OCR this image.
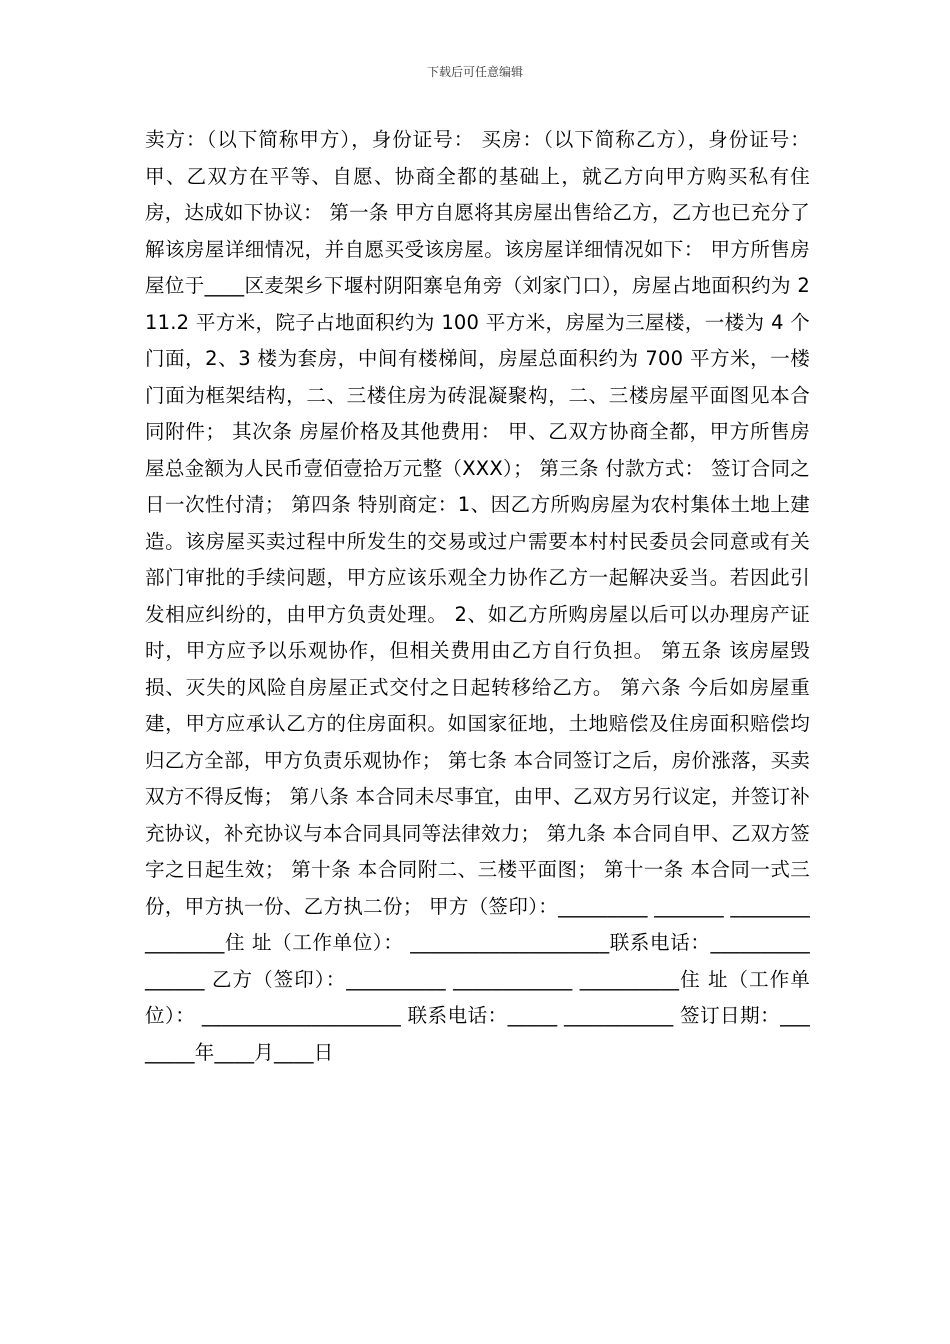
下载后可任意编辑
卖方：（以下简称甲方），身份证号： 买房：（以下简称乙方），身份证号： 甲、乙双方在平等、自愿、协商全都的基础上，就乙方向甲方购买私有住房，达成如下协议： 第一条 甲方自愿将其房屋出售给乙方，乙方也已充分了解该房屋详细情况，并自愿买受该房屋。该房屋详细情况如下： 甲方所售房屋位于____区麦架乡下堰村阴阳寨皂角旁（刘家门口），房屋占地面积约为 211.2 平方米，院子占地面积约为 100 平方米，房屋为三屋楼，一楼为 4 个门面，2、3 楼为套房，中间有楼梯间，房屋总面积约为 700 平方米，一楼门面为框架结构，二、三楼住房为砖混凝聚构，二、三楼房屋平面图见本合同附件； 其次条 房屋价格及其他费用： 甲、乙双方协商全都，甲方所售房屋总金额为人民币壹佰壹拾万元整（XXX）； 第三条 付款方式： 签订合同之日一次性付清； 第四条 特别商定：1、因乙方所购房屋为农村集体土地上建造。该房屋买卖过程中所发生的交易或过户需要本村村民委员会同意或有关部门审批的手续问题，甲方应该乐观全力协作乙方一起解决妥当。若因此引发相应纠纷的，由甲方负责处理。 2、如乙方所购房屋以后可以办理房产证时，甲方应予以乐观协作，但相关费用由乙方自行负担。 第五条 该房屋毁损、灭失的风险自房屋正式交付之日起转移给乙方。 第六条 今后如房屋重建，甲方应承认乙方的住房面积。如国家征地，土地赔偿及住房面积赔偿均归乙方全部，甲方负责乐观协作； 第七条 本合同签订之后，房价涨落，买卖双方不得反悔； 第八条 本合同未尽事宜，由甲、乙双方另行议定，并签订补充协议，补充协议与本合同具同等法律效力； 第九条 本合同自甲、乙双方签字之日起生效； 第十条 本合同附二、三楼平面图； 第十一条 本合同一式三份，甲方执一份、乙方执二份； 甲方（签印）：_________ _______ ________________住 址（工作单位）： ____________________联系电话：________________ 乙方（签印）：__________ ____________ __________住 址（工作单位）： ____________________ 联系电话：_____ ___________ 签订日期：________年____月____日
